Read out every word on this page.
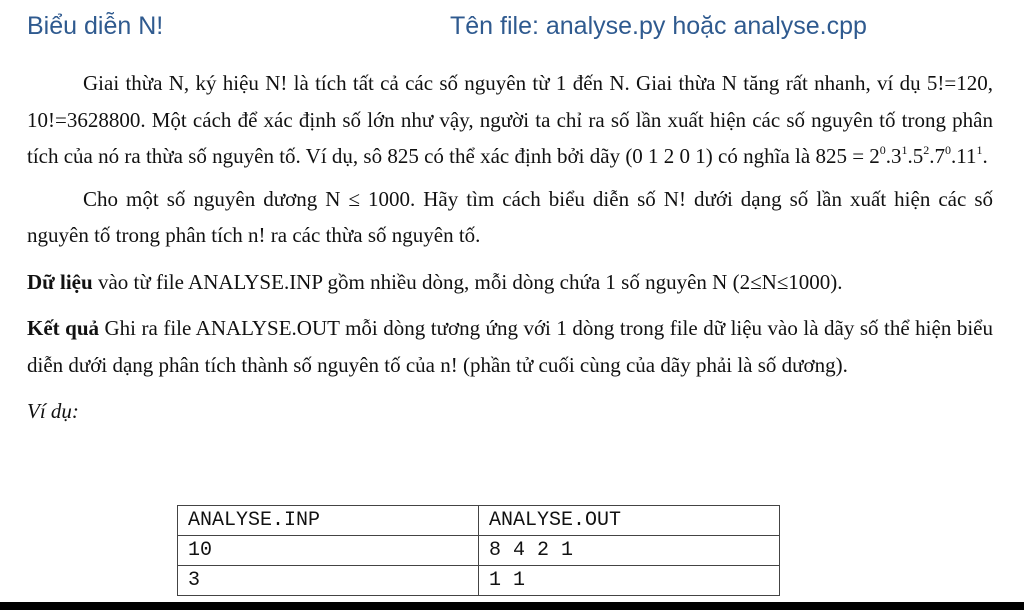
Biểu diễn N!	Tên file: analyse.py hoặc analyse.cpp

Giai thừa N, ký hiệu N! là tích tất cả các số nguyên từ 1 đến N. Giai thừa N tăng rất nhanh, ví dụ 5!=120, 10!=3628800. Một cách để xác định số lớn như vậy, người ta chỉ ra số lần xuất hiện các số nguyên tố trong phân tích của nó ra thừa số nguyên tố. Ví dụ, sô 825 có thể xác định bởi dãy (0 1 2 0 1) có nghĩa là $825 = 2^0.3^1.5^2.7^0.11^1$.

Cho một số nguyên dương N ≤ 1000. Hãy tìm cách biểu diễn số N! dưới dạng số lần xuất hiện các số nguyên tố trong phân tích n! ra các thừa số nguyên tố.

Dữ liệu vào từ file ANALYSE.INP gồm nhiều dòng, mỗi dòng chứa 1 số nguyên N (2≤N≤1000).

Kết quả Ghi ra file ANALYSE.OUT mỗi dòng tương ứng với 1 dòng trong file dữ liệu vào là dãy số thể hiện biểu diễn dưới dạng phân tích thành số nguyên tố của n! (phần tử cuối cùng của dãy phải là số dương).

Ví dụ:

ANALYSE.INP	ANALYSE.OUT
10	8 4 2 1
3	1 1
